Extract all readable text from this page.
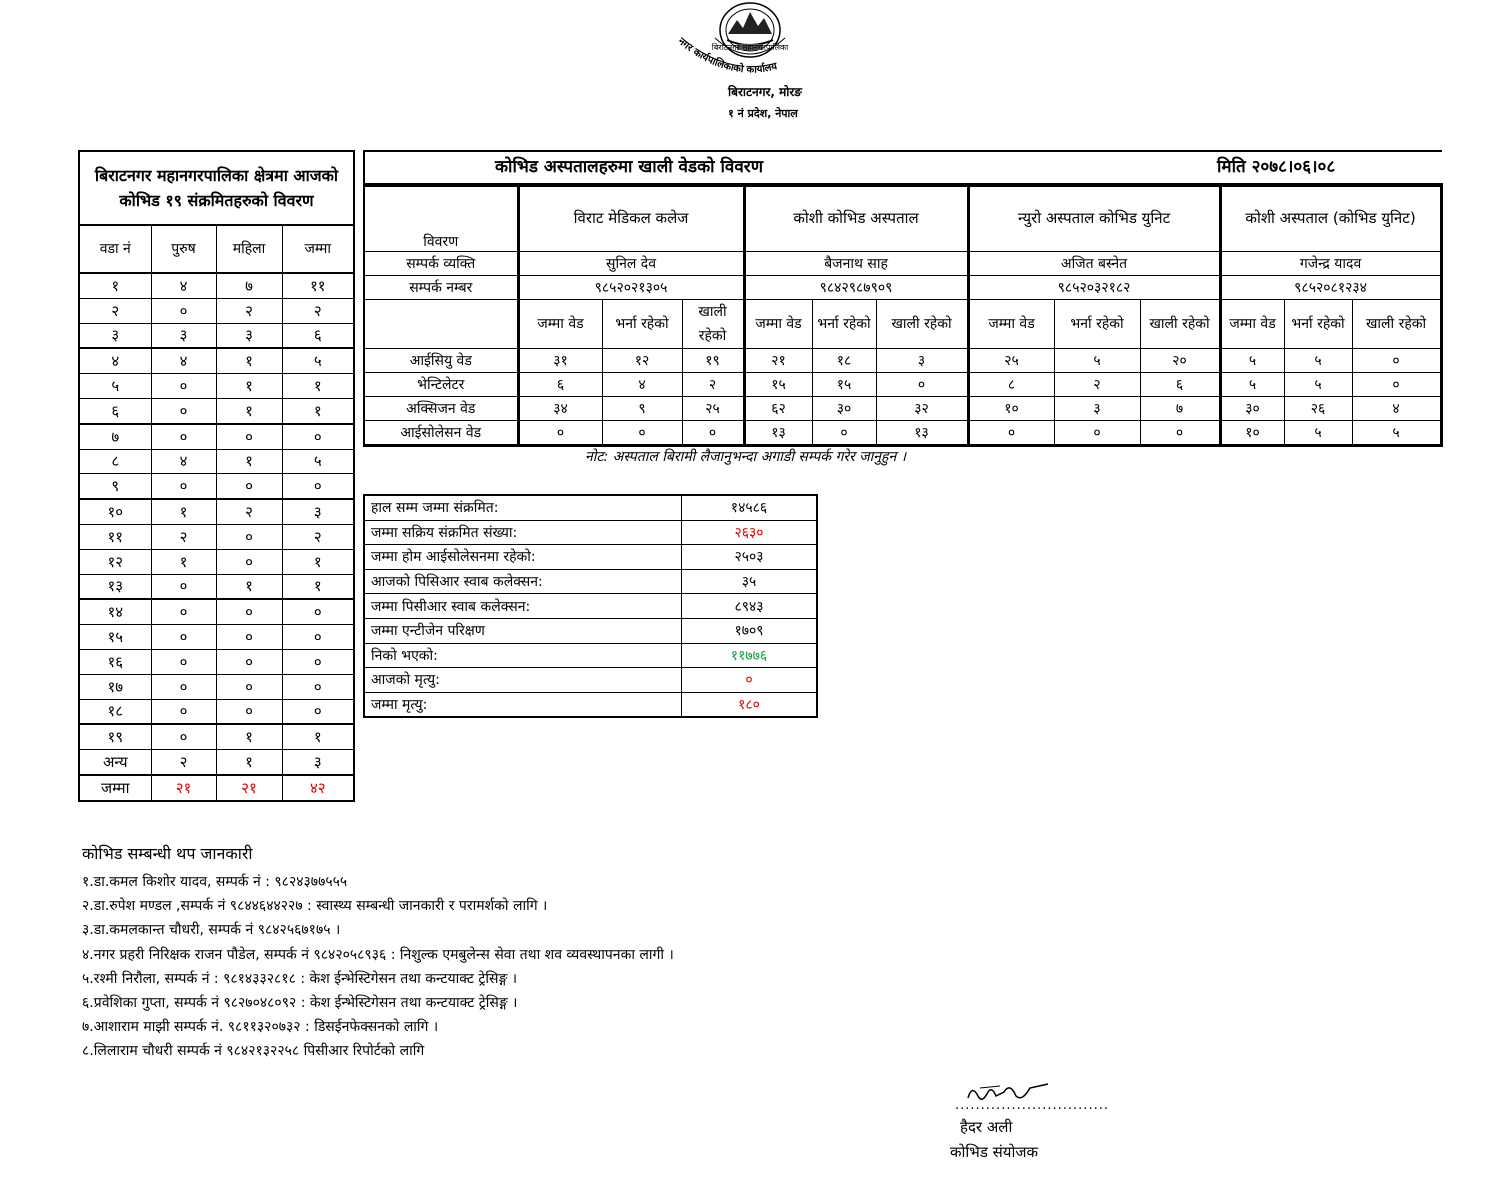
नगर कार्यपालिकाको कार्यालय
बिराटनगर महानगरपालिका
बिराटनगर, मोरङ
१ नं प्रदेश, नेपाल
बिराटनगर महानगरपालिका क्षेत्रमा आजको कोभिड १९ संक्रमितहरुको विवरण			
वडा नं	पुरुष	महिला	जम्मा
१	४	७	११
२	०	२	२
३	३	३	६
४	४	१	५
५	०	१	१
६	०	१	१
७	०	०	०
८	४	१	५
९	०	०	०
१०	१	२	३
११	२	०	२
१२	१	०	१
१३	०	१	१
१४	०	०	०
१५	०	०	०
१६	०	०	०
१७	०	०	०
१८	०	०	०
१९	०	१	१
अन्य	२	१	३
जम्मा	२१	२१	४२
कोभिड अस्पतालहरुमा खाली वेडको विवरण	मिति २०७८।०६।०८
विवरण	विराट मेडिकल कलेज			कोशी कोभिड अस्पताल			न्युरो अस्पताल कोभिड युनिट			कोशी अस्पताल (कोभिड युनिट)		
सम्पर्क व्यक्ति	सुनिल देव			बैजनाथ साह			अजित बस्नेत			गजेन्द्र यादव		
सम्पर्क नम्बर	९८५२०२१३०५			९८४२९८७९०९			९८५२०३२१८२			९८५२०८१२३४		
	जम्मा वेड	भर्ना रहेको	खाली रहेको	जम्मा वेड	भर्ना रहेको	खाली रहेको	जम्मा वेड	भर्ना रहेको	खाली रहेको	जम्मा वेड	भर्ना रहेको	खाली रहेको
आईसियु वेड	३१	१२	१९	२१	१८	३	२५	५	२०	५	५	०
भेन्टिलेटर	६	४	२	१५	१५	०	८	२	६	५	५	०
अक्सिजन वेड	३४	९	२५	६२	३०	३२	१०	३	७	३०	२६	४
आईसोलेसन वेड	०	०	०	१३	०	१३	०	०	०	१०	५	५
नोट: अस्पताल बिरामी लैजानुभन्दा अगाडी सम्पर्क गरेर जानुहुन ।
हाल सम्म जम्मा संक्रमित:	१४५८६
जम्मा सक्रिय संक्रमित संख्या:	२६३०
जम्मा होम आईसोलेसनमा रहेको:	२५०३
आजको पिसिआर स्वाब कलेक्सन:	३५
जम्मा पिसीआर स्वाब कलेक्सन:	८९४३
जम्मा एन्टीजेन परिक्षण	१७०९
निको भएको:	११७७६
आजको मृत्यु:	०
जम्मा मृत्यु:	१८०
कोभिड सम्बन्धी थप जानकारी
१.डा.कमल किशोर यादव, सम्पर्क नं : ९८२४३७७५५५
२.डा.रुपेश मण्डल ,सम्पर्क नं ९८४४६४४२२७ : स्वास्थ्य सम्बन्धी जानकारी र परामर्शको लागि ।
३.डा.कमलकान्त चौधरी, सम्पर्क नं ९८४२५६७१७५ ।
४.नगर प्रहरी निरिक्षक राजन पौडेल, सम्पर्क नं ९८४२०५८९३६ : निशुल्क एमबुलेन्स सेवा तथा शव व्यवस्थापनका लागी ।
५.रश्मी निरौला, सम्पर्क नं : ९८१४३३२८१८ : केश ईन्भेस्टिगेसन तथा कन्टयाक्ट ट्रेसिङ्ग ।
६.प्रवेशिका गुप्ता, सम्पर्क नं ९८२७०४८०९२ : केश ईन्भेस्टिगेसन तथा कन्टयाक्ट ट्रेसिङ्ग ।
७.आशाराम माझी सम्पर्क नं. ९८११३२०७३२ : डिसईनफेक्सनको लागि ।
८.लिलाराम चौधरी सम्पर्क नं ९८४२१३२२५८ पिसीआर रिपोर्टको लागि
..............................
हैदर अली
कोभिड संयोजक
